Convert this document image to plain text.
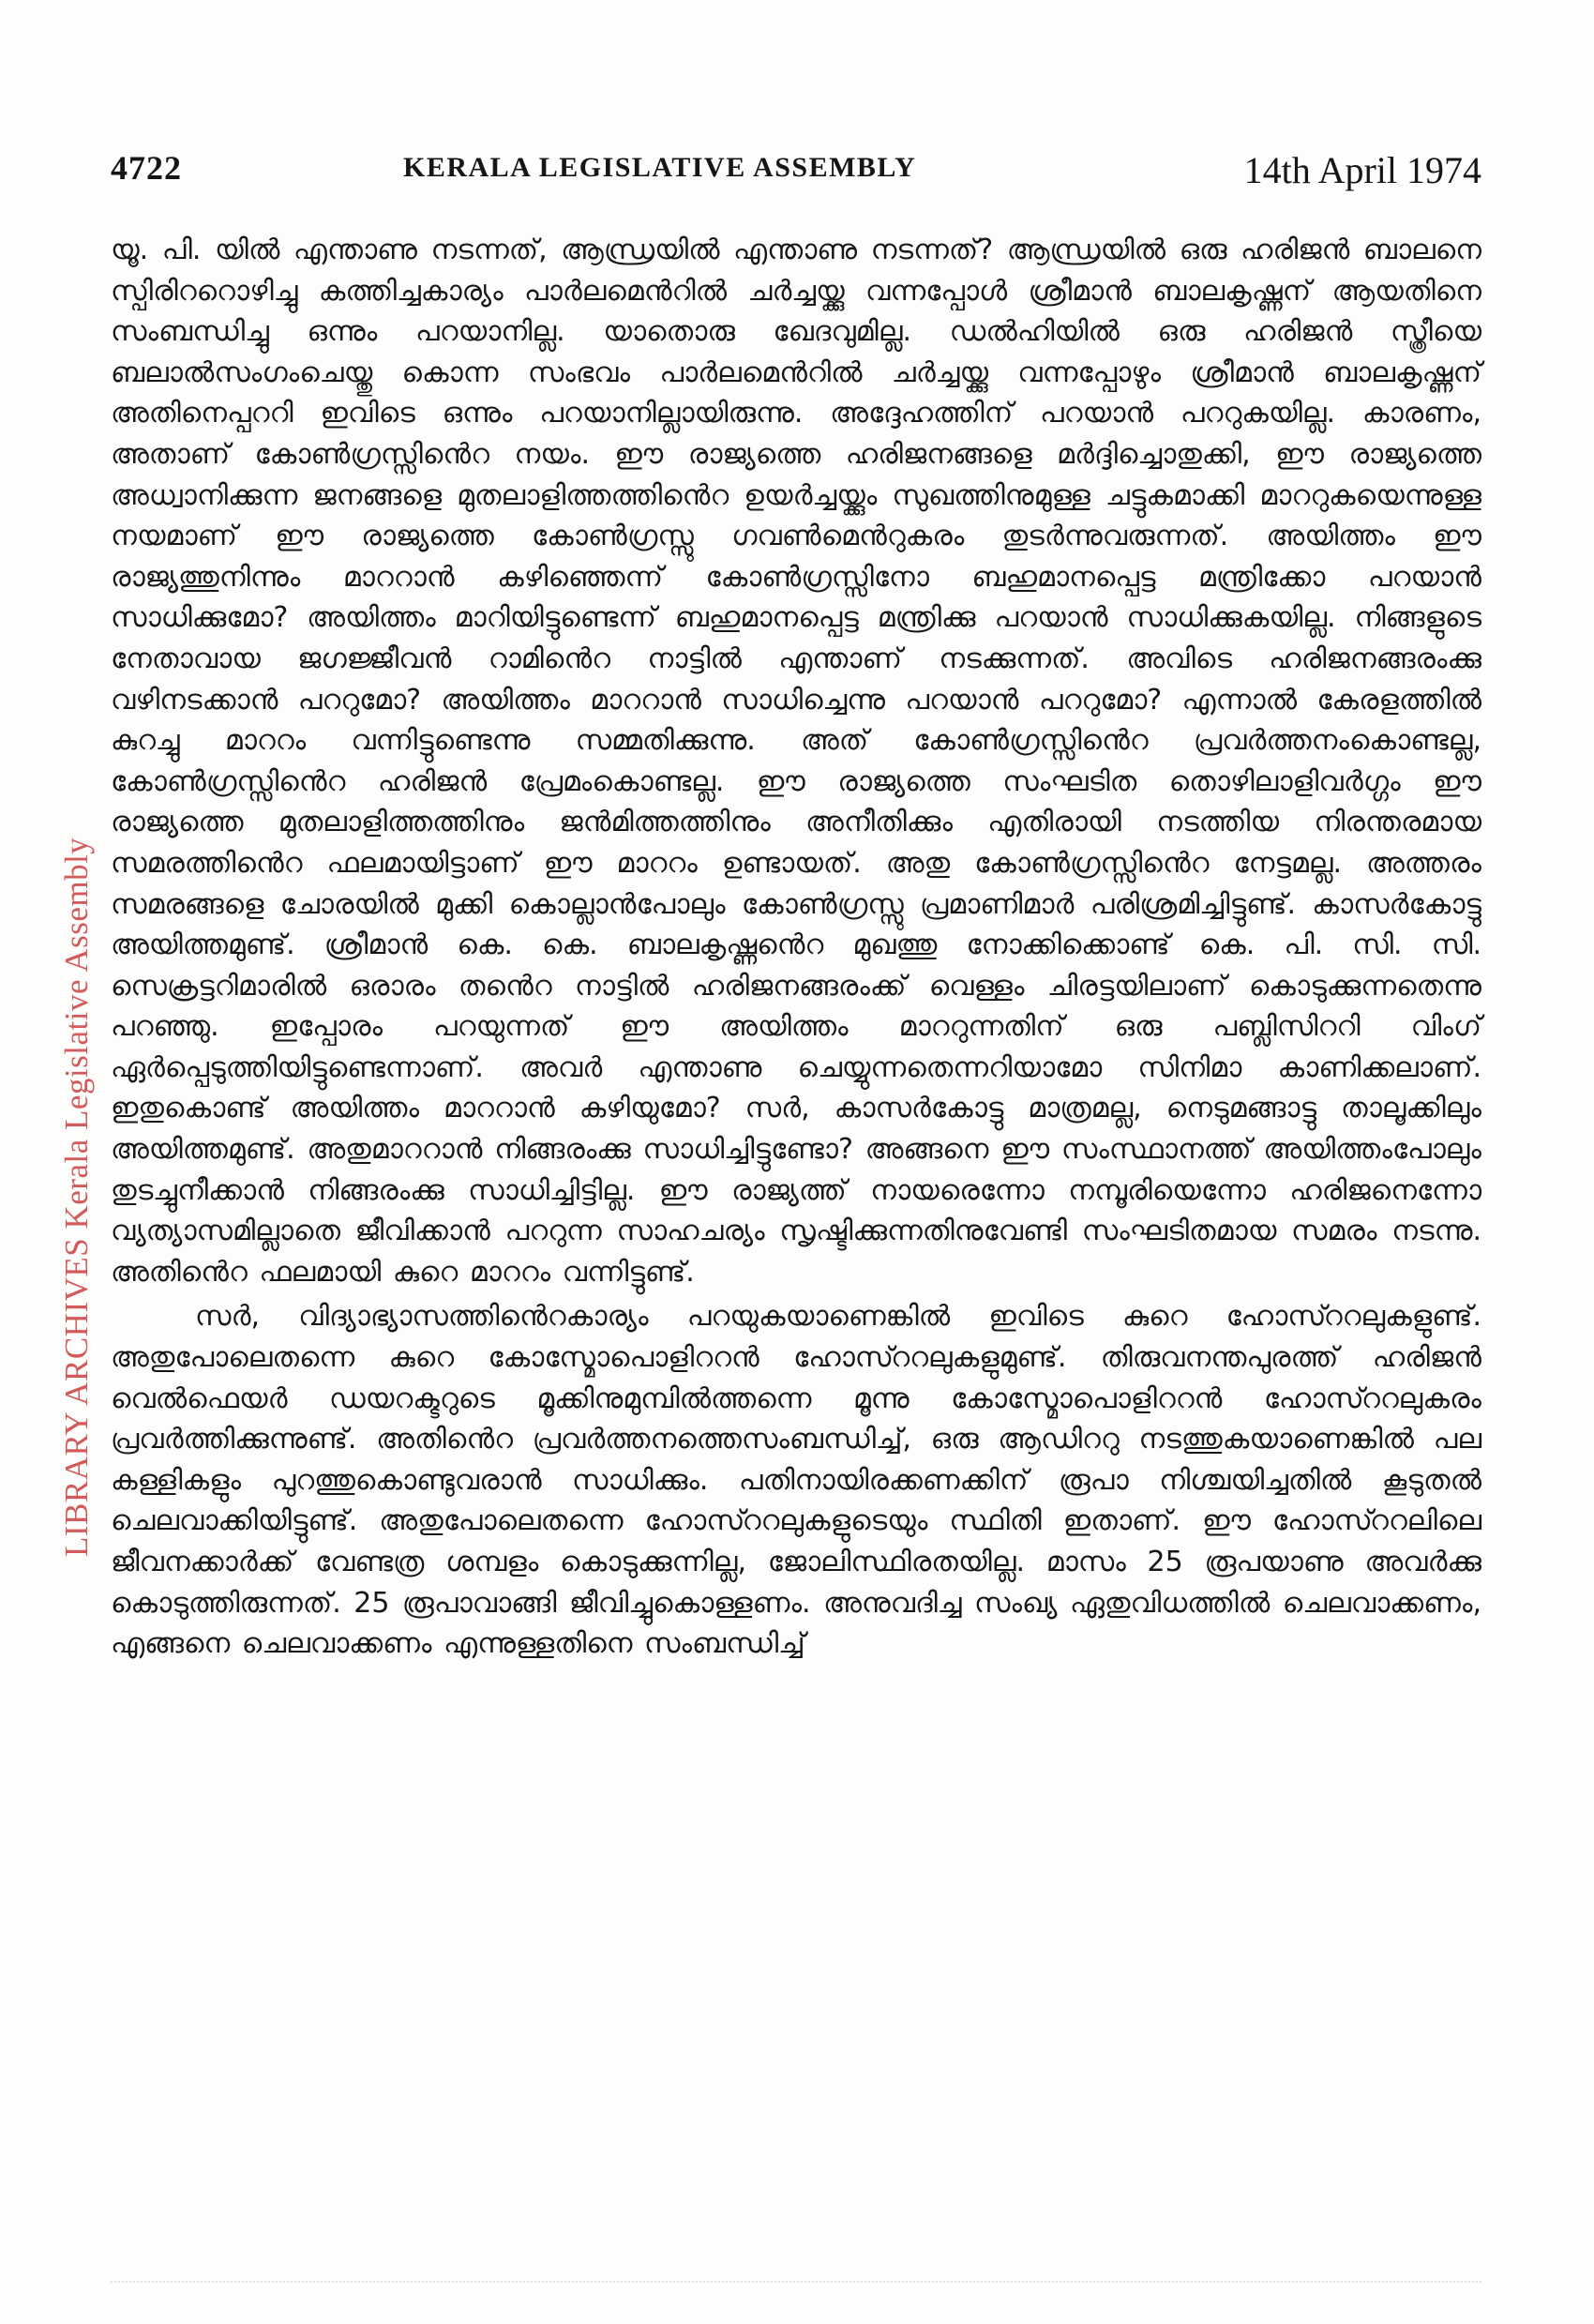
4722	KERALA LEGISLATIVE ASSEMBLY	14th April 1974
LIBRARY ARCHIVES Kerala Legislative Assembly

യൂ. പി. യിൽ എന്താണു നടന്നത്, ആന്ധ്രയിൽ എന്താണു നടന്നത്? ആന്ധ്രയിൽ ഒരു ഹരിജൻ ബാലനെ സ്പിരിററൊഴിച്ചു കത്തിച്ചകാര്യം പാർലമെൻറിൽ ചർച്ചയ്ക്കു വന്നപ്പോൾ ശ്രീമാൻ ബാലകൃഷ്ണന് ആയതിനെ സംബന്ധിച്ചു ഒന്നും പറയാനില്ല. യാതൊരു ഖേദവുമില്ല. ഡൽഹിയിൽ ഒരു ഹരിജൻ സ്ത്രീയെ ബലാൽസംഗംചെയ്തു കൊന്ന സംഭവം പാർലമെൻറിൽ ചർച്ചയ്ക്കു വന്നപ്പോഴും ശ്രീമാൻ ബാലകൃഷ്ണന് അതിനെപ്പററി ഇവിടെ ഒന്നും പറയാനില്ലായിരുന്നു. അദ്ദേഹത്തിന് പറയാൻ പററുകയില്ല. കാരണം, അതാണ് കോൺഗ്രസ്സിൻെറ നയം. ഈ രാജ്യത്തെ ഹരിജനങ്ങളെ മർദ്ദിച്ചൊതുക്കി, ഈ രാജ്യത്തെ അധ്വാനിക്കുന്ന ജനങ്ങളെ മുതലാളിത്തത്തിൻെറ ഉയർച്ചയ്ക്കും സുഖത്തിനുമുള്ള ചട്ടുകമാക്കി മാററുകയെന്നുള്ള നയമാണ് ഈ രാജ്യത്തെ കോൺഗ്രസ്സു ഗവൺമെൻറുകരം തുടർന്നുവരുന്നത്. അയിത്തം ഈ രാജ്യത്തുനിന്നും മാററാൻ കഴിഞ്ഞെന്ന് കോൺഗ്രസ്സിനോ ബഹുമാനപ്പെട്ട മന്ത്രിക്കോ പറയാൻ സാധിക്കുമോ? അയിത്തം മാറിയിട്ടുണ്ടെന്ന് ബഹുമാനപ്പെട്ട മന്ത്രിക്കു പറയാൻ സാധിക്കുകയില്ല. നിങ്ങളുടെ നേതാവായ ജഗജ്ജീവൻ റാമിൻെറ നാട്ടിൽ എന്താണ് നടക്കുന്നത്. അവിടെ ഹരിജനങ്ങരംക്കു വഴിനടക്കാൻ പററുമോ? അയിത്തം മാററാൻ സാധിച്ചെന്നു പറയാൻ പററുമോ? എന്നാൽ കേരളത്തിൽ കുറച്ചു മാററം വന്നിട്ടുണ്ടെന്നു സമ്മതിക്കുന്നു. അത് കോൺഗ്രസ്സിൻെറ പ്രവർത്തനംകൊണ്ടല്ല, കോൺഗ്രസ്സിൻെറ ഹരിജൻ പ്രേമംകൊണ്ടല്ല. ഈ രാജ്യത്തെ സംഘടിത തൊഴിലാളിവർഗ്ഗം ഈ രാജ്യത്തെ മുതലാളിത്തത്തിനും ജൻമിത്തത്തിനും അനീതിക്കും എതിരായി നടത്തിയ നിരന്തരമായ സമരത്തിൻെറ ഫലമായിട്ടാണ് ഈ മാററം ഉണ്ടായത്. അതു കോൺഗ്രസ്സിൻെറ നേട്ടമല്ല. അത്തരം സമരങ്ങളെ ചോരയിൽ മുക്കി കൊല്ലാൻപോലും കോൺഗ്രസ്സു പ്രമാണിമാർ പരിശ്രമിച്ചിട്ടുണ്ട്. കാസർകോട്ടു അയിത്തമുണ്ട്. ശ്രീമാൻ കെ. കെ. ബാലകൃഷ്ണൻെറ മുഖത്തു നോക്കിക്കൊണ്ട് കെ. പി. സി. സി. സെക്രട്ടറിമാരിൽ ഒരാരം തൻെറ നാട്ടിൽ ഹരിജനങ്ങരംക്ക് വെള്ളം ചിരട്ടയിലാണ് കൊടുക്കുന്നതെന്നു പറഞ്ഞു. ഇപ്പോരം പറയുന്നത് ഈ അയിത്തം മാററുന്നതിന് ഒരു പബ്ലിസിററി വിംഗ് ഏർപ്പെടുത്തിയിട്ടുണ്ടെന്നാണ്. അവർ എന്താണു ചെയ്യുന്നതെന്നറിയാമോ സിനിമാ കാണിക്കലാണ്. ഇതുകൊണ്ട് അയിത്തം മാററാൻ കഴിയുമോ? സർ, കാസർകോട്ടു മാത്രമല്ല, നെടുമങ്ങാട്ടു താലൂക്കിലും അയിത്തമുണ്ട്. അതുമാററാൻ നിങ്ങരംക്കു സാധിച്ചിട്ടുണ്ടോ? അങ്ങനെ ഈ സംസ്ഥാനത്ത് അയിത്തംപോലും തുടച്ചുനീക്കാൻ നിങ്ങരംക്കു സാധിച്ചിട്ടില്ല. ഈ രാജ്യത്ത് നായരെന്നോ നമ്പൂരിയെന്നോ ഹരിജനെന്നോ വ്യത്യാസമില്ലാതെ ജീവിക്കാൻ പററുന്ന സാഹചര്യം സൃഷ്ടിക്കുന്നതിനുവേണ്ടി സംഘടിതമായ സമരം നടന്നു. അതിൻെറ ഫലമായി കുറെ മാററം വന്നിട്ടുണ്ട്.

സർ, വിദ്യാഭ്യാസത്തിൻെറകാര്യം പറയുകയാണെങ്കിൽ ഇവിടെ കുറെ ഹോസ്ററലുകളുണ്ട്. അതുപോലെതന്നെ കുറെ കോസ്മോപൊളിററൻ ഹോസ്ററലുകളുമുണ്ട്. തിരുവനന്തപുരത്ത് ഹരിജൻ വെൽഫെയർ ഡയറക്ടറുടെ മൂക്കിനുമുമ്പിൽത്തന്നെ മൂന്നു കോസ്മോപൊളിററൻ ഹോസ്ററലുകരം പ്രവർത്തിക്കുന്നുണ്ട്. അതിൻെറ പ്രവർത്തനത്തെസംബന്ധിച്ച്, ഒരു ആഡിററു നടത്തുകയാണെങ്കിൽ പല കള്ളികളും പുറത്തുകൊണ്ടുവരാൻ സാധിക്കും. പതിനായിരക്കണക്കിന് രൂപാ നിശ്ചയിച്ചതിൽ കൂടുതൽ ചെലവാക്കിയിട്ടുണ്ട്. അതുപോലെതന്നെ ഹോസ്ററലുകളുടെയും സ്ഥിതി ഇതാണ്. ഈ ഹോസ്ററലിലെ ജീവനക്കാർക്ക് വേണ്ടത്ര ശമ്പളം കൊടുക്കുന്നില്ല, ജോലിസ്ഥിരതയില്ല. മാസം 25 രൂപയാണു അവർക്കു കൊടുത്തിരുന്നത്. 25 രൂപാവാങ്ങി ജീവിച്ചുകൊള്ളണം. അനുവദിച്ച സംഖ്യ ഏതുവിധത്തിൽ ചെലവാക്കണം, എങ്ങനെ ചെലവാക്കണം എന്നുള്ളതിനെ സംബന്ധിച്ച്
